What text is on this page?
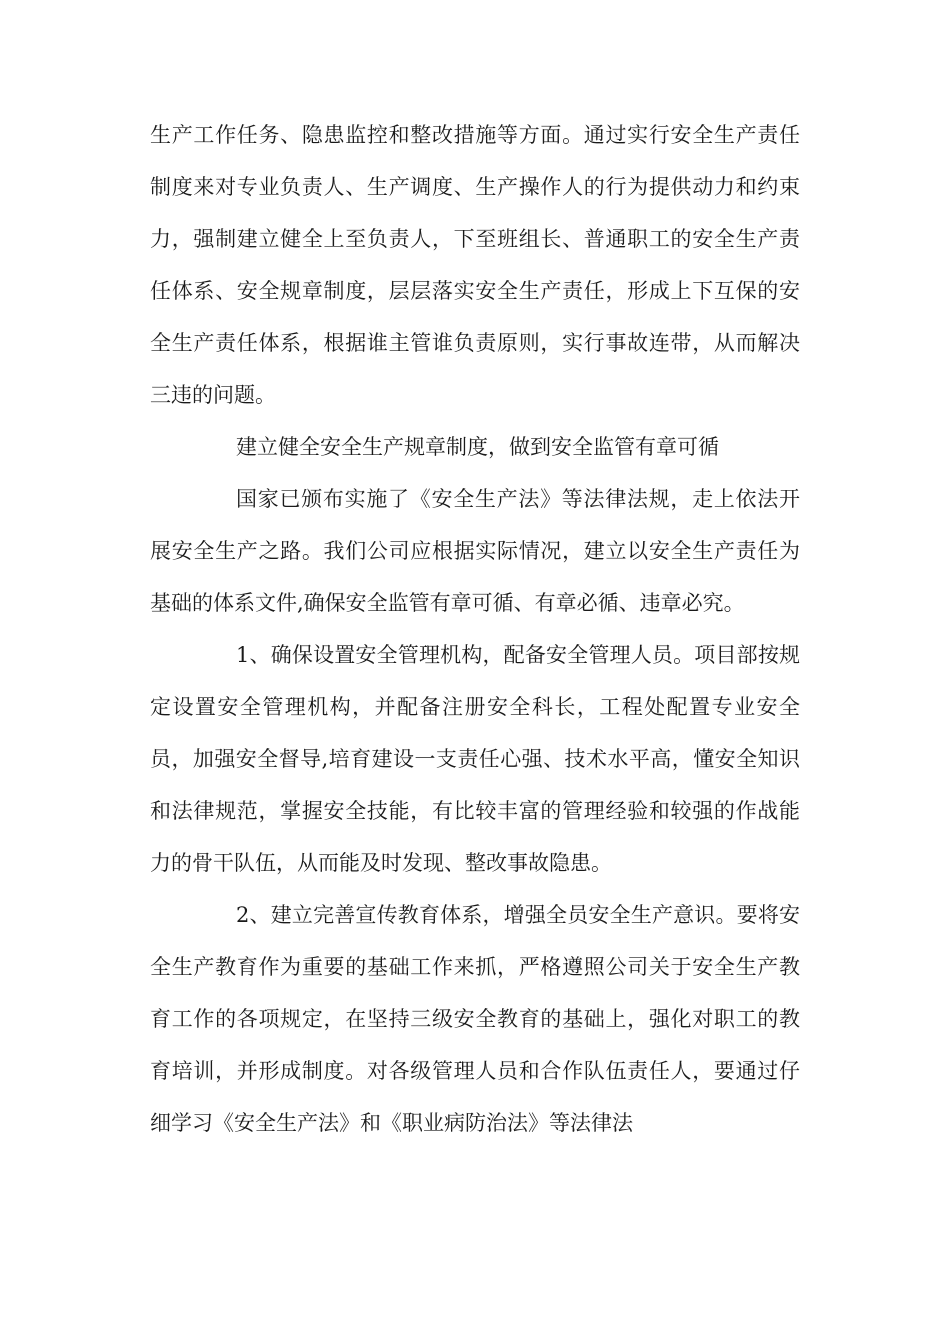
生产工作任务、隐患监控和整改措施等方面。通过实行安全生产责任制度来对专业负责人、生产调度、生产操作人的行为提供动力和约束力，强制建立健全上至负责人，下至班组长、普通职工的安全生产责任体系、安全规章制度，层层落实安全生产责任，形成上下互保的安全生产责任体系，根据谁主管谁负责原则，实行事故连带，从而解决三违的问题。

建立健全安全生产规章制度，做到安全监管有章可循

国家已颁布实施了《安全生产法》等法律法规，走上依法开展安全生产之路。我们公司应根据实际情况，建立以安全生产责任为基础的体系文件,确保安全监管有章可循、有章必循、违章必究。

1、确保设置安全管理机构，配备安全管理人员。项目部按规定设置安全管理机构，并配备注册安全科长，工程处配置专业安全员，加强安全督导,培育建设一支责任心强、技术水平高，懂安全知识和法律规范，掌握安全技能，有比较丰富的管理经验和较强的作战能力的骨干队伍，从而能及时发现、整改事故隐患。

2、建立完善宣传教育体系，增强全员安全生产意识。要将安全生产教育作为重要的基础工作来抓，严格遵照公司关于安全生产教育工作的各项规定，在坚持三级安全教育的基础上，强化对职工的教育培训，并形成制度。对各级管理人员和合作队伍责任人，要通过仔细学习《安全生产法》和《职业病防治法》等法律法
